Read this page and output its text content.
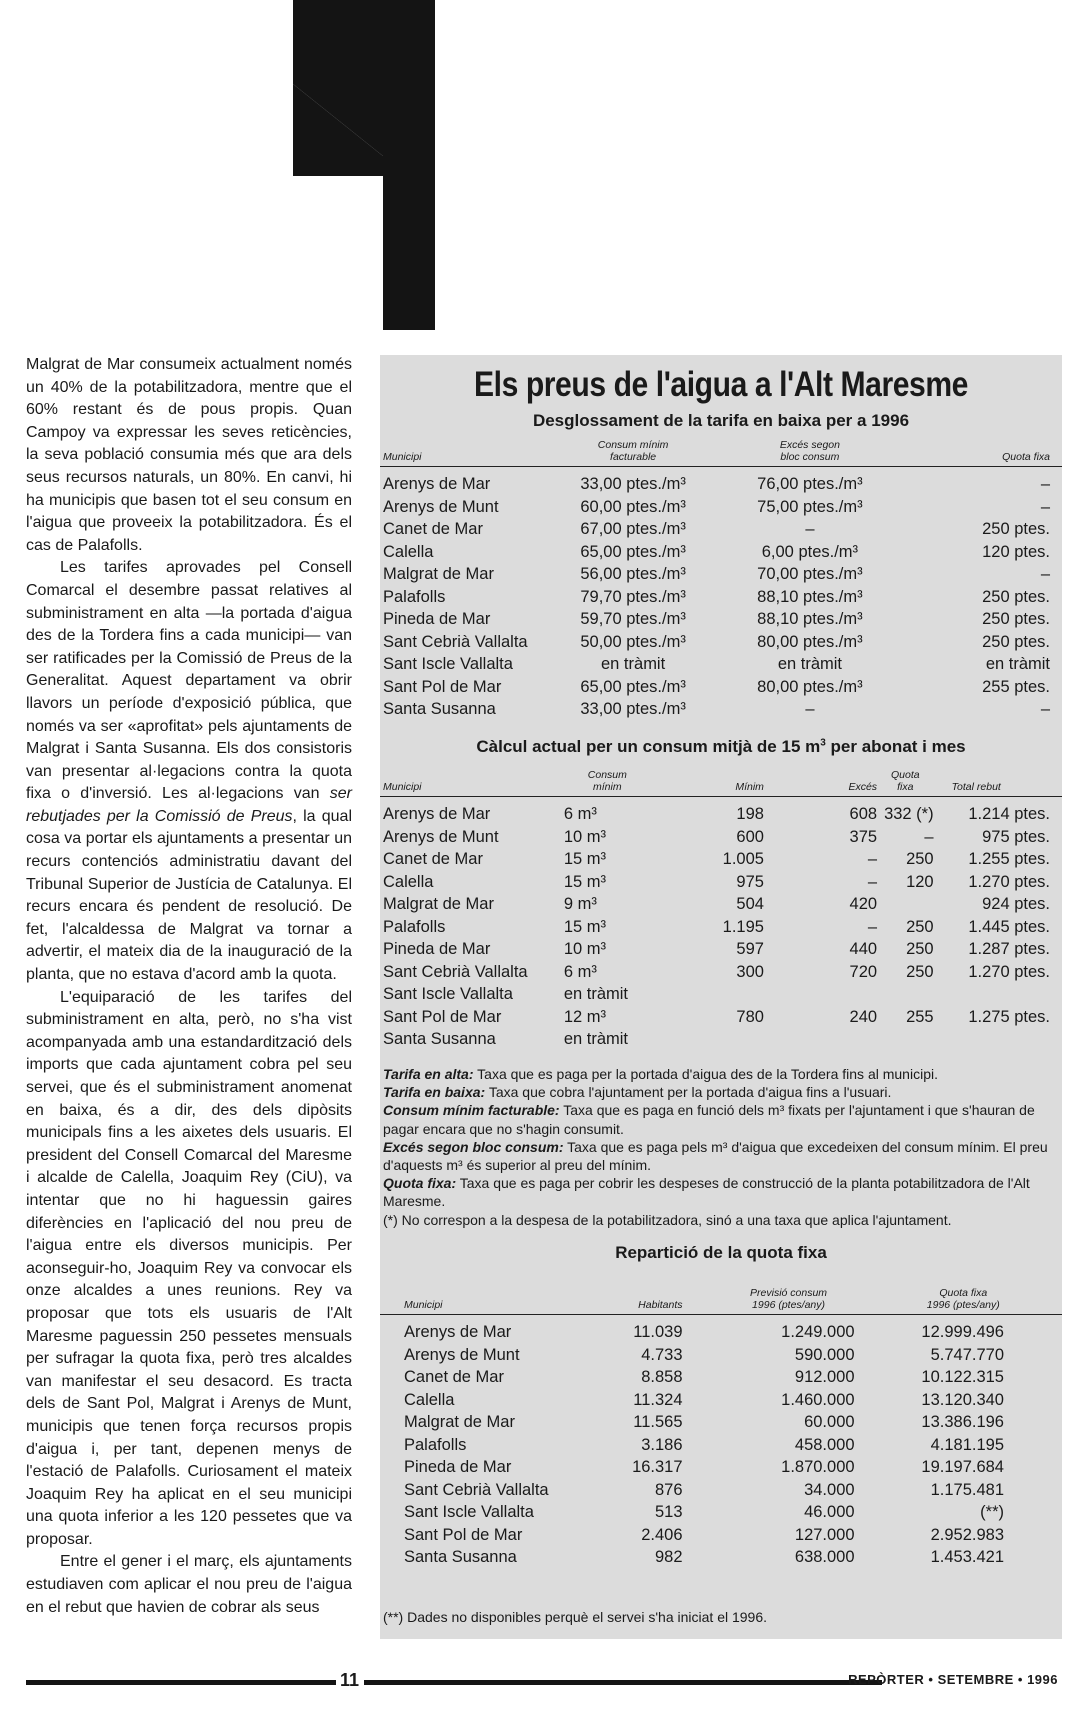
Malgrat de Mar consumeix actualment només un 40% de la potabilitzadora, mentre que el 60% restant és de pous propis. Quan Campoy va expressar les seves reticències, la seva població consumia més que ara dels seus recursos naturals, un 80%. En canvi, hi ha municipis que basen tot el seu consum en l'aigua que proveeix la potabilitzadora. És el cas de Palafolls.

Les tarifes aprovades pel Consell Comarcal el desembre passat relatives al subministrament en alta —la portada d'aigua des de la Tordera fins a cada municipi— van ser ratificades per la Comissió de Preus de la Generalitat. Aquest departament va obrir llavors un període d'exposició pública, que només va ser «aprofitat» pels ajuntaments de Malgrat i Santa Susanna. Els dos consistoris van presentar al·legacions contra la quota fixa o d'inversió. Les al·legacions van ser rebutjades per la Comissió de Preus, la qual cosa va portar els ajuntaments a presentar un recurs contenciós administratiu davant del Tribunal Superior de Justícia de Catalunya. El recurs encara és pendent de resolució. De fet, l'alcaldessa de Malgrat va tornar a advertir, el mateix dia de la inauguració de la planta, que no estava d'acord amb la quota.

L'equiparació de les tarifes del subministrament en alta, però, no s'ha vist acompanyada amb una estandardització dels imports que cada ajuntament cobra pel seu servei, que és el subministrament anomenat en baixa, és a dir, des dels dipòsits municipals fins a les aixetes dels usuaris. El president del Consell Comarcal del Maresme i alcalde de Calella, Joaquim Rey (CiU), va intentar que no hi haguessin gaires diferències en l'aplicació del nou preu de l'aigua entre els diversos municipis. Per aconseguir-ho, Joaquim Rey va convocar els onze alcaldes a unes reunions. Rey va proposar que tots els usuaris de l'Alt Maresme paguessin 250 pessetes mensuals per sufragar la quota fixa, però tres alcaldes van manifestar el seu desacord. Es tracta dels de Sant Pol, Malgrat i Arenys de Munt, municipis que tenen força recursos propis d'aigua i, per tant, depenen menys de l'estació de Palafolls. Curiosament el mateix Joaquim Rey ha aplicat en el seu municipi una quota inferior a les 120 pessetes que va proposar.

Entre el gener i el març, els ajuntaments estudiaven com aplicar el nou preu de l'aigua en el rebut que havien de cobrar als seus

Els preus de l'aigua a l'Alt Maresme
Desglossament de la tarifa en baixa per a 1996
Municipi	Consum mínim
facturable	Excés segon
bloc consum	Quota fixa
Arenys de Mar	33,00 ptes./m³	76,00 ptes./m³	–
Arenys de Munt	60,00 ptes./m³	75,00 ptes./m³	–
Canet de Mar	67,00 ptes./m³	–	250 ptes.
Calella	65,00 ptes./m³	6,00 ptes./m³	120 ptes.
Malgrat de Mar	56,00 ptes./m³	70,00 ptes./m³	–
Palafolls	79,70 ptes./m³	88,10 ptes./m³	250 ptes.
Pineda de Mar	59,70 ptes./m³	88,10 ptes./m³	250 ptes.
Sant Cebrià Vallalta	50,00 ptes./m³	80,00 ptes./m³	250 ptes.
Sant Iscle Vallalta	en tràmit	en tràmit	en tràmit
Sant Pol de Mar	65,00 ptes./m³	80,00 ptes./m³	255 ptes.
Santa Susanna	33,00 ptes./m³	–	–
Càlcul actual per un consum mitjà de 15 $m^3$ per abonat i mes
Municipi	Consum
mínim	Mínim	Excés	Quota
fixa	Total rebut
Arenys de Mar	6 m³	198	608	332 (*)	1.214 ptes.
Arenys de Munt	10 m³	600	375	–	975 ptes.
Canet de Mar	15 m³	1.005	–	250	1.255 ptes.
Calella	15 m³	975	–	120	1.270 ptes.
Malgrat de Mar	9 m³	504	420		924 ptes.
Palafolls	15 m³	1.195	–	250	1.445 ptes.
Pineda de Mar	10 m³	597	440	250	1.287 ptes.
Sant Cebrià Vallalta	6 m³	300	720	250	1.270 ptes.
Sant Iscle Vallalta	en tràmit				
Sant Pol de Mar	12 m³	780	240	255	1.275 ptes.
Santa Susanna	en tràmit				

Tarifa en alta: Taxa que es paga per la portada d'aigua des de la Tordera fins al municipi.

Tarifa en baixa: Taxa que cobra l'ajuntament per la portada d'aigua fins a l'usuari.

Consum mínim facturable: Taxa que es paga en funció dels m³ fixats per l'ajuntament i que s'hauran de pagar encara que no s'hagin consumit.

Excés segon bloc consum: Taxa que es paga pels m³ d'aigua que excedeixen del consum mínim. El preu d'aquests m³ és superior al preu del mínim.

Quota fixa: Taxa que es paga per cobrir les despeses de construcció de la planta potabilitzadora de l'Alt Maresme.

(*) No correspon a la despesa de la potabilitzadora, sinó a una taxa que aplica l'ajuntament.

Repartició de la quota fixa
Municipi	Habitants	Previsió consum
1996 (ptes/any)	Quota fixa
1996 (ptes/any)
Arenys de Mar	11.039	1.249.000	12.999.496
Arenys de Munt	4.733	590.000	5.747.770
Canet de Mar	8.858	912.000	10.122.315
Calella	11.324	1.460.000	13.120.340
Malgrat de Mar	11.565	60.000	13.386.196
Palafolls	3.186	458.000	4.181.195
Pineda de Mar	16.317	1.870.000	19.197.684
Sant Cebrià Vallalta	876	34.000	1.175.481
Sant Iscle Vallalta	513	46.000	(**)
Sant Pol de Mar	2.406	127.000	2.952.983
Santa Susanna	982	638.000	1.453.421
(**) Dades no disponibles perquè el servei s'ha iniciat el 1996.
11	REPÒRTER • SETEMBRE • 1996
